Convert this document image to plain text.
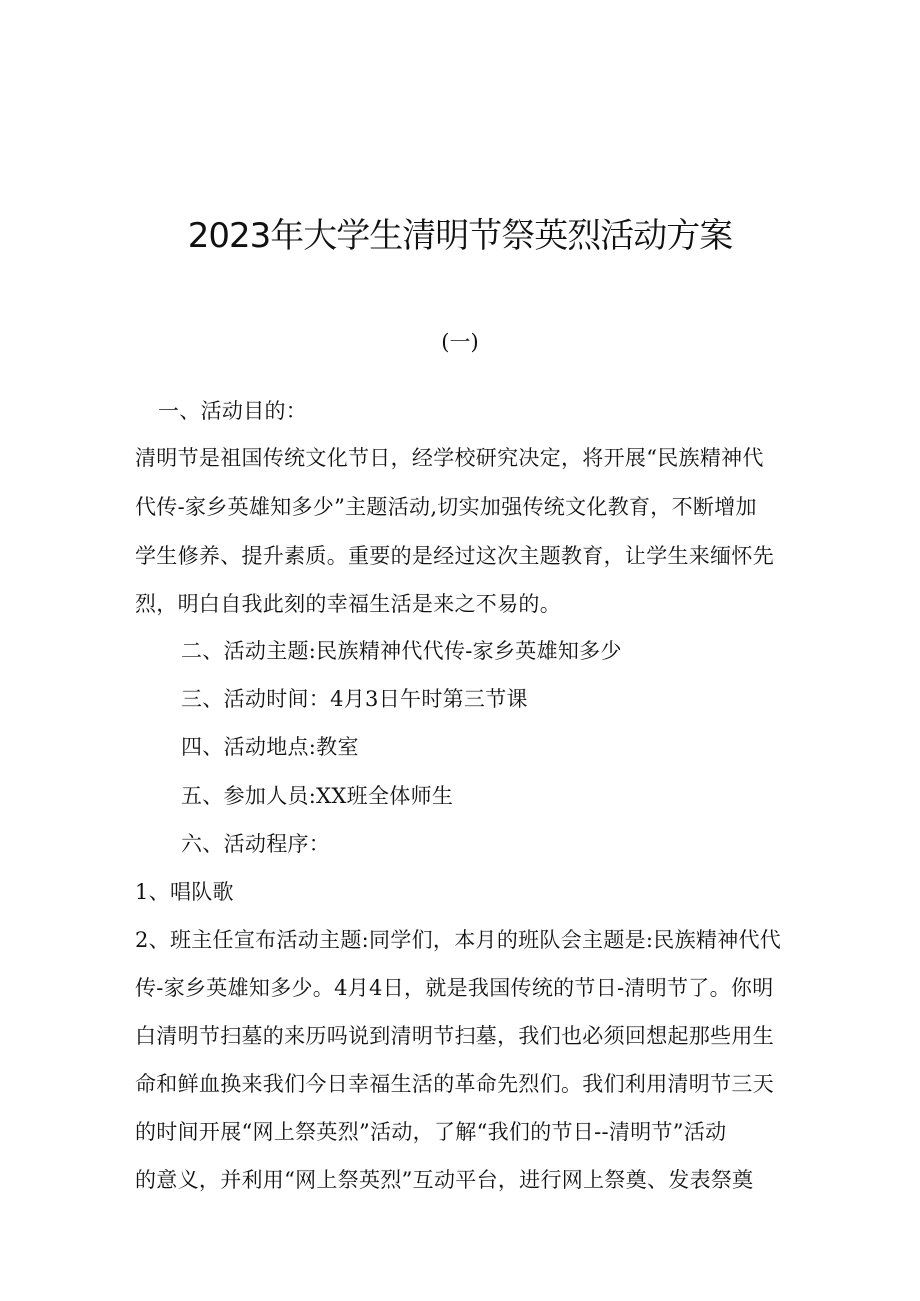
2023年大学生清明节祭英烈活动方案
(一)
一、活动目的：
清明节是祖国传统文化节日，经学校研究决定，将开展“民族精神代
代传-家乡英雄知多少”主题活动,切实加强传统文化教育，不断增加
学生修养、提升素质。重要的是经过这次主题教育，让学生来缅怀先
烈，明白自我此刻的幸福生活是来之不易的。
二、活动主题:民族精神代代传-家乡英雄知多少
三、活动时间：4月3日午时第三节课
四、活动地点:教室
五、参加人员:XX班全体师生
六、活动程序：
1、唱队歌
2、班主任宣布活动主题:同学们，本月的班队会主题是:民族精神代代
传-家乡英雄知多少。4月4日，就是我国传统的节日-清明节了。你明
白清明节扫墓的来历吗说到清明节扫墓，我们也必须回想起那些用生
命和鲜血换来我们今日幸福生活的革命先烈们。我们利用清明节三天
的时间开展“网上祭英烈”活动，了解“我们的节日--清明节”活动
的意义，并利用“网上祭英烈”互动平台，进行网上祭奠、发表祭奠
